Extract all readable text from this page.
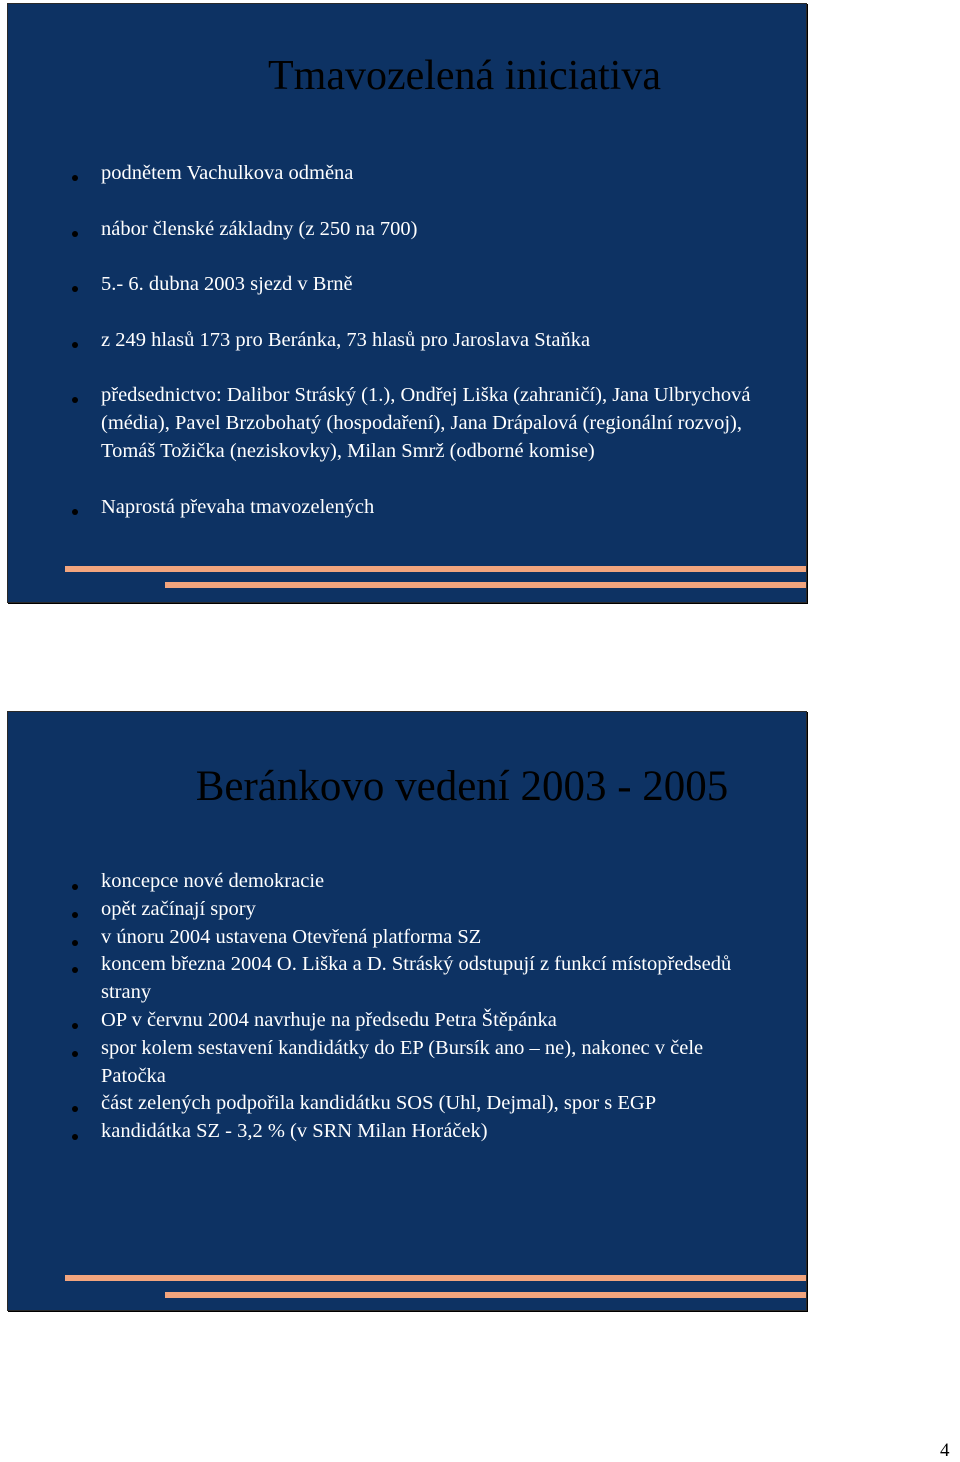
Tmavozelená iniciativa
podnětem Vachulkova odměna
nábor členské základny (z 250 na 700)
5.- 6. dubna 2003 sjezd v Brně
z 249 hlasů 173 pro Beránka, 73 hlasů pro Jaroslava Staňka
předsednictvo: Dalibor Stráský (1.), Ondřej Liška (zahraničí), Jana Ulbrychová (média), Pavel Brzobohatý (hospodaření), Jana Drápalová (regionální rozvoj), Tomáš Tožička (neziskovky), Milan Smrž (odborné komise)
Naprostá převaha tmavozelených
Beránkovo vedení 2003 - 2005
koncepce nové demokracie
opět začínají spory
v únoru 2004 ustavena Otevřená platforma SZ
koncem března 2004 O. Liška a D. Stráský odstupují z funkcí místopředsedů strany
OP v červnu 2004 navrhuje na předsedu Petra Štěpánka
spor kolem sestavení kandidátky do EP (Bursík ano – ne), nakonec v čele Patočka
část zelených podpořila kandidátku SOS (Uhl, Dejmal), spor s EGP
kandidátka SZ - 3,2 % (v SRN Milan Horáček)
4
